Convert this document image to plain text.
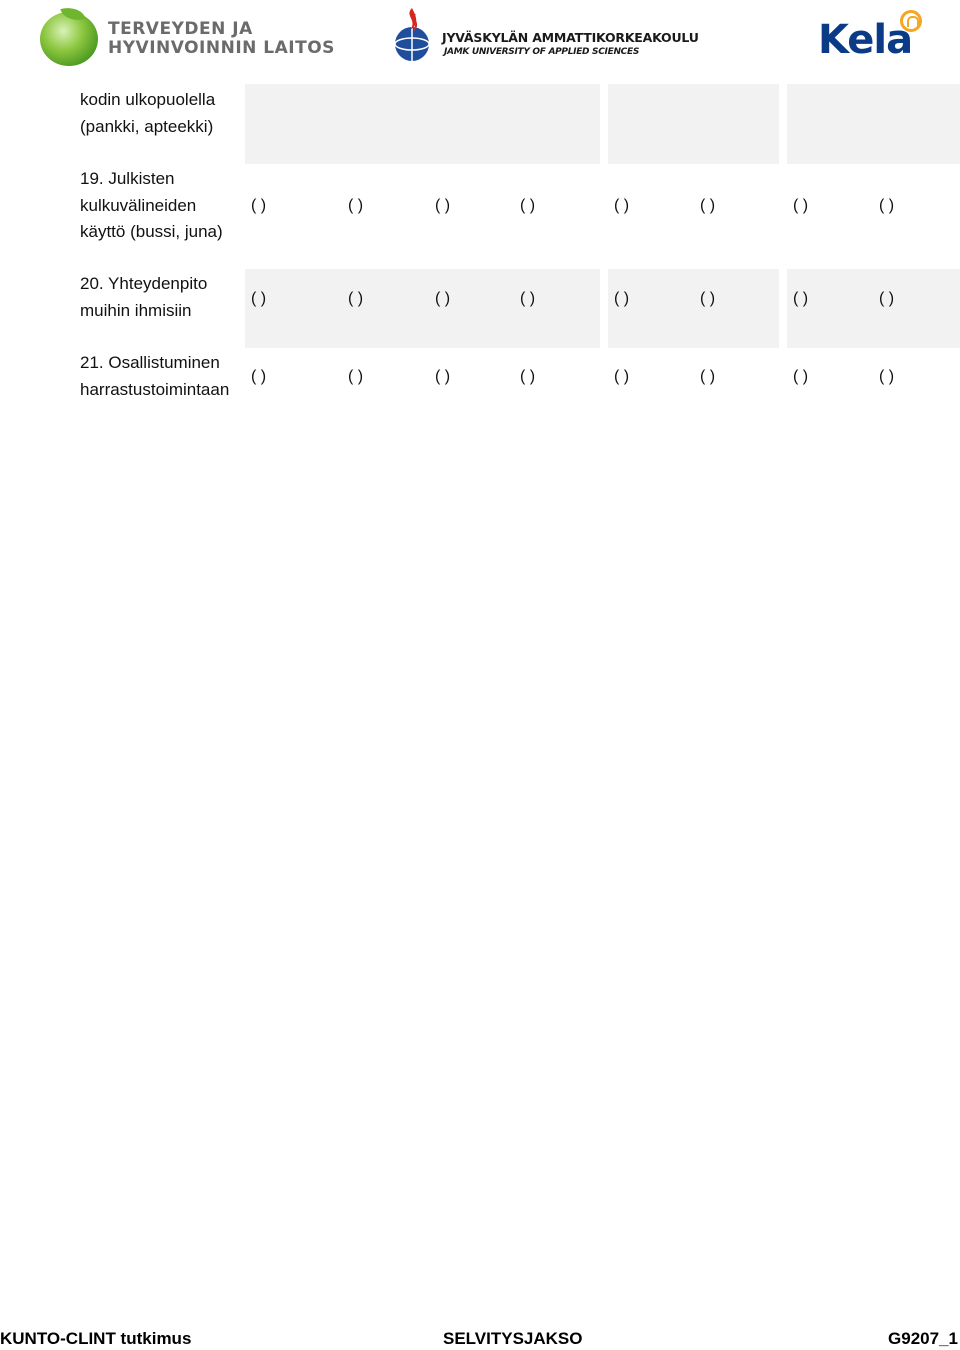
TERVEYDEN JA
HYVINVOINNIN LAITOS
JYVÄSKYLÄN AMMATTIKORKEAKOULU
JAMK UNIVERSITY OF APPLIED SCIENCES	Kela
kodin ulkopuolella
(pankki, apteekki)
19. Julkisten
kulkuvälineiden
käyttö (bussi, juna)
( )	( )	( )	( )	( )	( )	( )	( )
20. Yhteydenpito
muihin ihmisiin
( )	( )	( )	( )	( )	( )	( )	( )
21. Osallistuminen
harrastustoimintaan
( )	( )	( )	( )	( )	( )	( )	( )
KUNTO-CLINT tutkimus	SELVITYSJAKSO	G9207_1
